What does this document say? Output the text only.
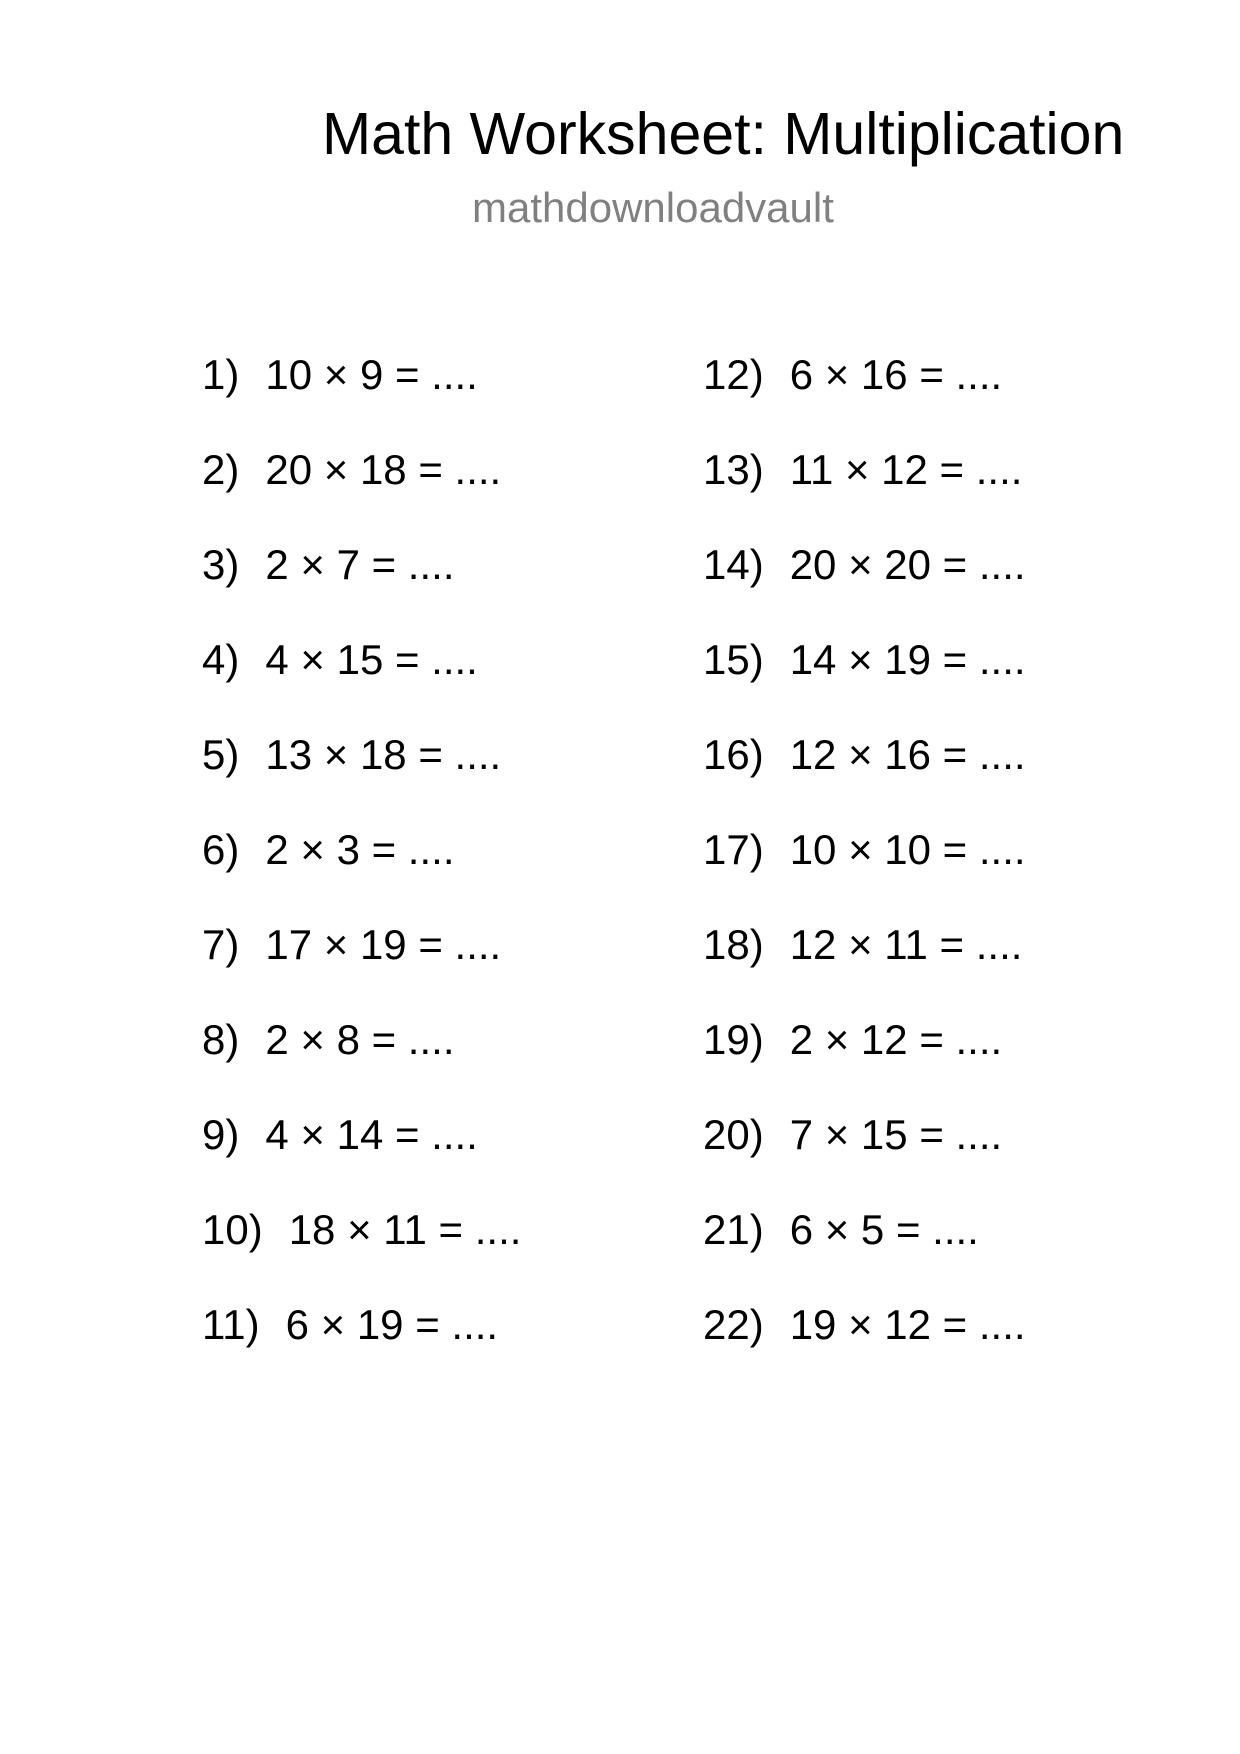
Math Worksheet: Multiplication
mathdownloadvault
1) 10 × 9 = ....
2) 20 × 18 = ....
3) 2 × 7 = ....
4) 4 × 15 = ....
5) 13 × 18 = ....
6) 2 × 3 = ....
7) 17 × 19 = ....
8) 2 × 8 = ....
9) 4 × 14 = ....
10) 18 × 11 = ....
11) 6 × 19 = ....
12) 6 × 16 = ....
13) 11 × 12 = ....
14) 20 × 20 = ....
15) 14 × 19 = ....
16) 12 × 16 = ....
17) 10 × 10 = ....
18) 12 × 11 = ....
19) 2 × 12 = ....
20) 7 × 15 = ....
21) 6 × 5 = ....
22) 19 × 12 = ....
